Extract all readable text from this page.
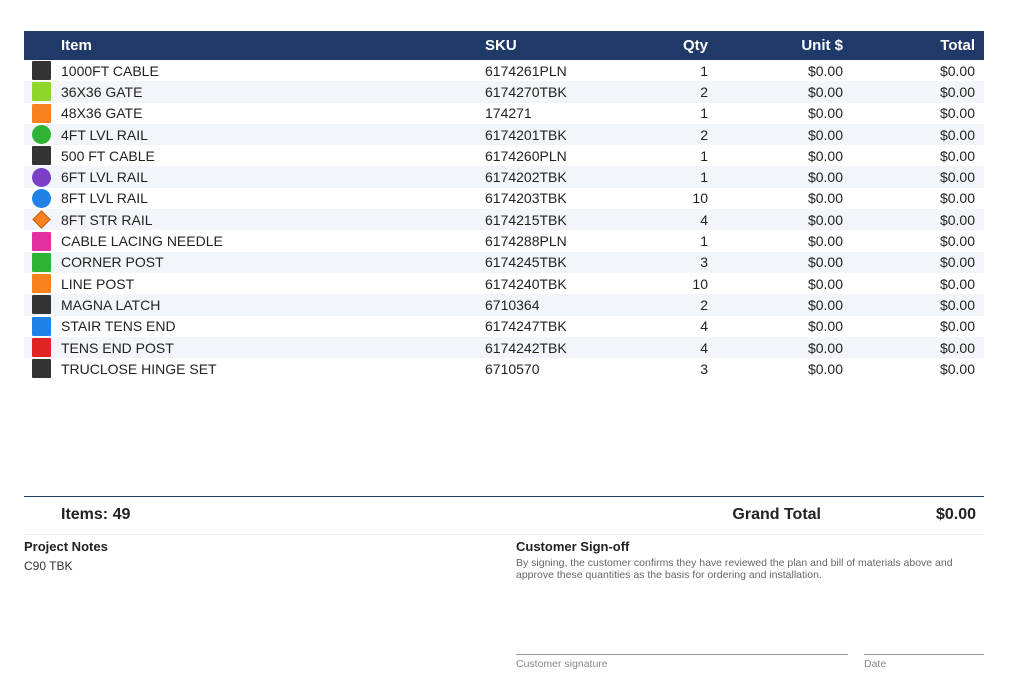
	Item	SKU	Qty	Unit $	Total

	1000FT CABLE	6174261PLN	1	$0.00	$0.00

	36X36 GATE	6174270TBK	2	$0.00	$0.00

	48X36 GATE	174271	1	$0.00	$0.00

	4FT LVL RAIL	6174201TBK	2	$0.00	$0.00

	500 FT CABLE	6174260PLN	1	$0.00	$0.00

	6FT LVL RAIL	6174202TBK	1	$0.00	$0.00

	8FT LVL RAIL	6174203TBK	10	$0.00	$0.00

	8FT STR RAIL	6174215TBK	4	$0.00	$0.00

	CABLE LACING NEEDLE	6174288PLN	1	$0.00	$0.00

	CORNER POST	6174245TBK	3	$0.00	$0.00

	LINE POST	6174240TBK	10	$0.00	$0.00

	MAGNA LATCH	6710364	2	$0.00	$0.00

	STAIR TENS END	6174247TBK	4	$0.00	$0.00

	TENS END POST	6174242TBK	4	$0.00	$0.00

	TRUCLOSE HINGE SET	6710570	3	$0.00	$0.00
Items: 49	Grand Total	$0.00
Project Notes
C90 TBK
Customer Sign-off
By signing, the customer confirms they have reviewed the plan and bill of materials above and approve these quantities as the basis for ordering and installation.
Customer signature	Date
